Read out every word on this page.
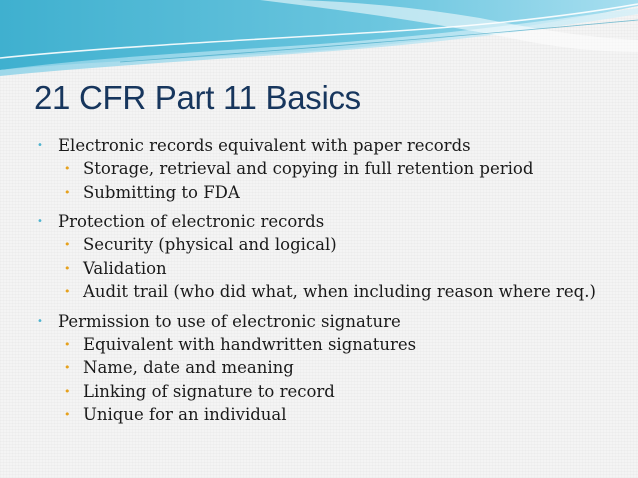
21 CFR Part 11 Basics
• Electronic records equivalent with paper records
• Storage, retrieval and copying in full retention period
• Submitting to FDA
• Protection of electronic records
• Security (physical and logical)
• Validation
• Audit trail (who did what, when including reason where req.)
• Permission to use of electronic signature
• Equivalent with handwritten signatures
• Name, date and meaning
• Linking of signature to record
• Unique for an individual
